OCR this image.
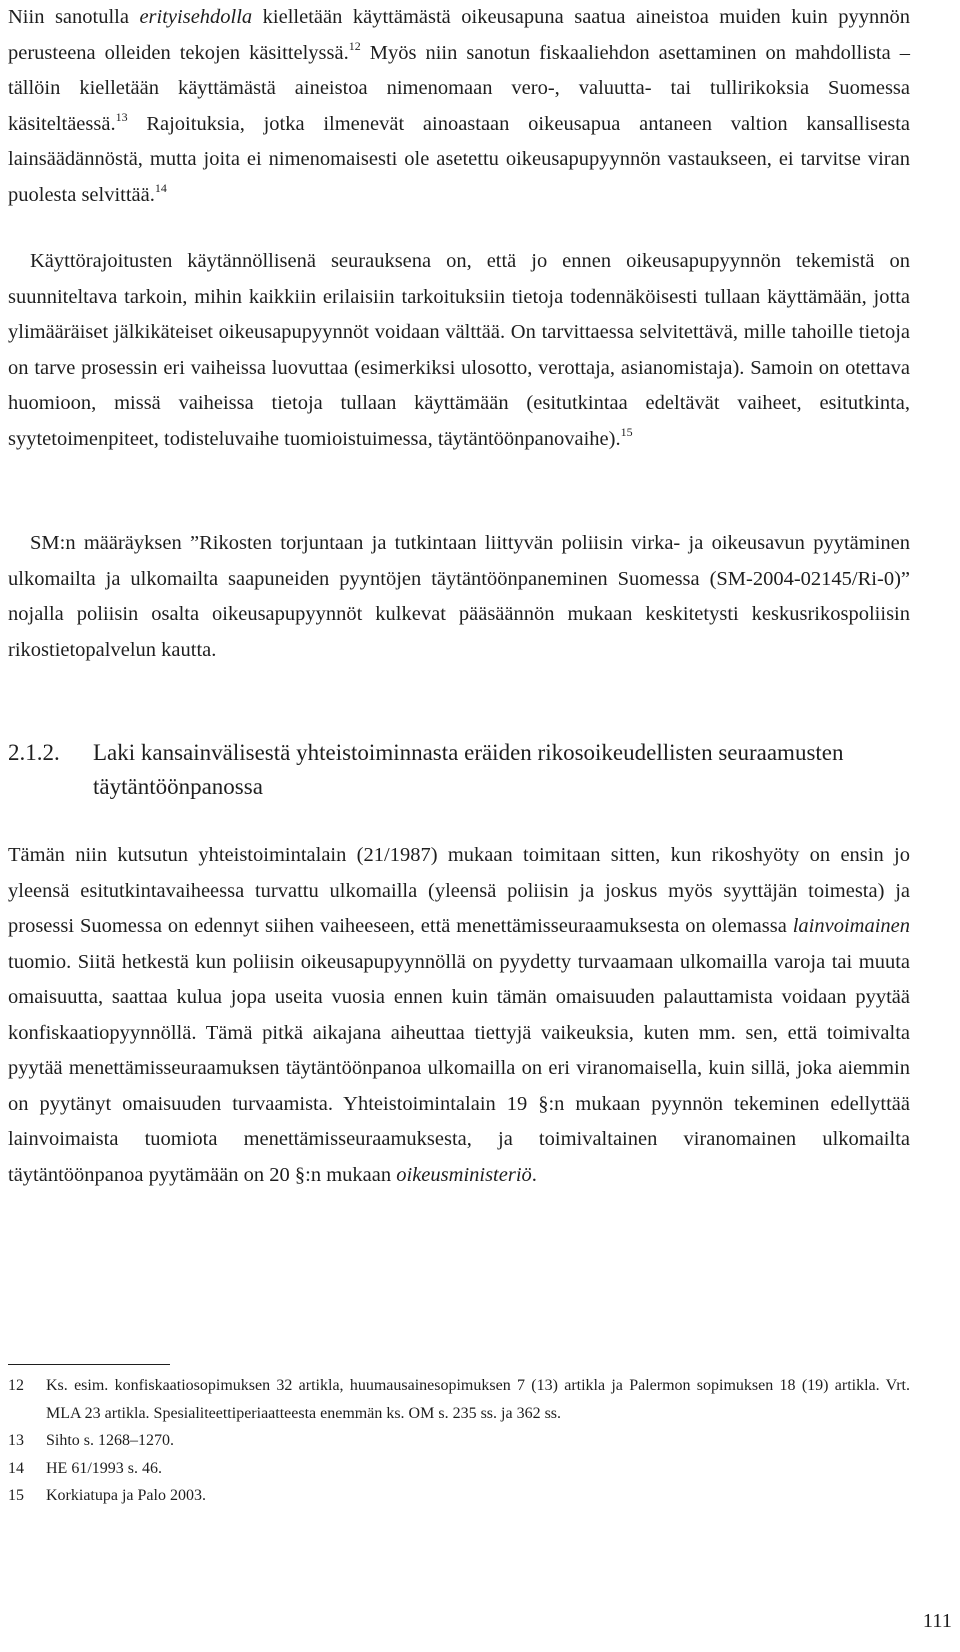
Niin sanotulla erityisehdolla kielletään käyttämästä oikeusapuna saatua aineistoa muiden kuin pyynnön perusteena olleiden tekojen käsittelyssä.$^{12}$ Myös niin sanotun fiskaaliehdon asettaminen on mahdollista – tällöin kielletään käyttämästä aineistoa nimenomaan vero-, valuutta- tai tullirikoksia Suomessa käsiteltäessä.$^{13}$ Rajoituksia, jotka ilmenevät ainoastaan oikeusapua antaneen valtion kansallisesta lainsäädännöstä, mutta joita ei nimenomaisesti ole asetettu oikeusapupyynnön vastaukseen, ei tarvitse viran puolesta selvittää.$^{14}$

Käyttörajoitusten käytännöllisenä seurauksena on, että jo ennen oikeusapupyynnön tekemistä on suunniteltava tarkoin, mihin kaikkiin erilaisiin tarkoituksiin tietoja todennäköisesti tullaan käyttämään, jotta ylimääräiset jälkikäteiset oikeusapupyynnöt voidaan välttää. On tarvittaessa selvitettävä, mille tahoille tietoja on tarve prosessin eri vaiheissa luovuttaa (esimerkiksi ulosotto, verottaja, asianomistaja). Samoin on otettava huomioon, missä vaiheissa tietoja tullaan käyttämään (esitutkintaa edeltävät vaiheet, esitutkinta, syytetoimenpiteet, todisteluvaihe tuomioistuimessa, täytäntöönpanovaihe).$^{15}$

SM:n määräyksen ”Rikosten torjuntaan ja tutkintaan liittyvän poliisin virka- ja oikeusavun pyytäminen ulkomailta ja ulkomailta saapuneiden pyyntöjen täytäntöönpaneminen Suomessa (SM-2004-02145/Ri-0)” nojalla poliisin osalta oikeusapupyynnöt kulkevat pääsäännön mukaan keskitetysti keskusrikospoliisin rikostietopalvelun kautta.

2.1.2.	Laki kansainvälisestä yhteistoiminnasta eräiden rikosoikeudellisten seuraamusten täytäntöönpanossa

Tämän niin kutsutun yhteistoimintalain (21/1987) mukaan toimitaan sitten, kun rikoshyöty on ensin jo yleensä esitutkintavaiheessa turvattu ulkomailla (yleensä poliisin ja joskus myös syyttäjän toimesta) ja prosessi Suomessa on edennyt siihen vaiheeseen, että menettämisseuraamuksesta on olemassa lainvoimainen tuomio. Siitä hetkestä kun poliisin oikeusapupyynnöllä on pyydetty turvaamaan ulkomailla varoja tai muuta omaisuutta, saattaa kulua jopa useita vuosia ennen kuin tämän omaisuuden palauttamista voidaan pyytää konfiskaatiopyynnöllä. Tämä pitkä aikajana aiheuttaa tiettyjä vaikeuksia, kuten mm. sen, että toimivalta pyytää menettämisseuraamuksen täytäntöönpanoa ulkomailla on eri viranomaisella, kuin sillä, joka aiemmin on pyytänyt omaisuuden turvaamista. Yhteistoimintalain 19 §:n mukaan pyynnön tekeminen edellyttää lainvoimaista tuomiota menettämisseuraamuksesta, ja toimivaltainen viranomainen ulkomailta täytäntöönpanoa pyytämään on 20 §:n mukaan oikeusministeriö.

12	Ks. esim. konfiskaatiosopimuksen 32 artikla, huumausainesopimuksen 7 (13) artikla ja Palermon sopimuksen 18 (19) artikla. Vrt. MLA 23 artikla. Spesialiteettiperiaatteesta enemmän ks. OM s. 235 ss. ja 362 ss.
13	Sihto s. 1268–1270.
14	HE 61/1993 s. 46.
15	Korkiatupa ja Palo 2003.
111
